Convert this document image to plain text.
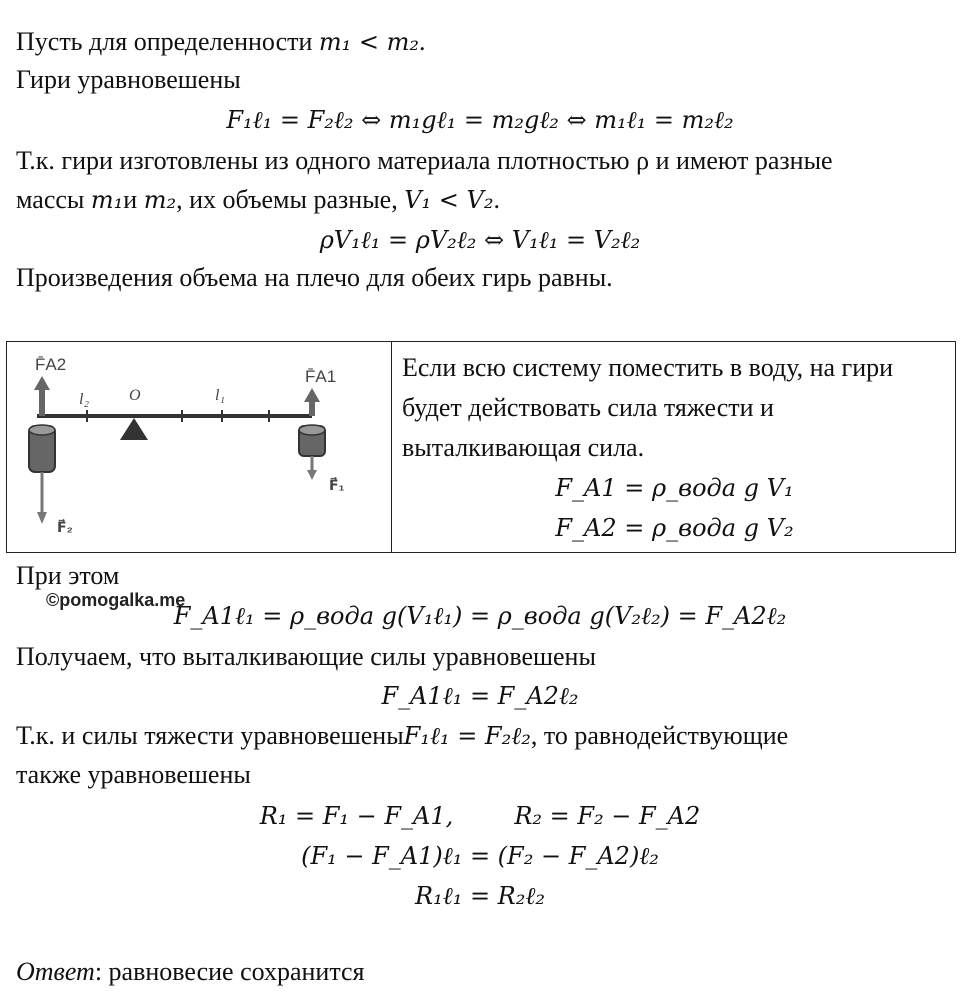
Пусть для определенности m₁ < m₂.
Гири уравновешены
F₁ℓ₁ = F₂ℓ₂ ⇔ m₁gℓ₁ = m₂gℓ₂ ⇔ m₁ℓ₁ = m₂ℓ₂
Т.к. гири изготовлены из одного материала плотностью ρ и имеют разные
массы m₁и m₂, их объемы разные, V₁ < V₂.
ρV₁ℓ₁ = ρV₂ℓ₂ ⇔ V₁ℓ₁ = V₂ℓ₂
Произведения объема на плечо для обеих гирь равны.
F̄A2
F̄A1
l₂ O	l₁
F⃗₁
F⃗₂

Если всю систему поместить в воду, на гири
будет действовать сила тяжести и
выталкивающая сила.
F_A1 = ρ_вода g V₁
F_A2 = ρ_вода g V₂
При этом
©pomogalka.me
F_A1ℓ₁ = ρ_вода g(V₁ℓ₁) = ρ_вода g(V₂ℓ₂) = F_A2ℓ₂
Получаем, что выталкивающие силы уравновешены
F_A1ℓ₁ = F_A2ℓ₂
Т.к. и силы тяжести уравновешеныF₁ℓ₁ = F₂ℓ₂, то равнодействующие
также уравновешены
R₁ = F₁ − F_A1,        R₂ = F₂ − F_A2
(F₁ − F_A1)ℓ₁ = (F₂ − F_A2)ℓ₂
R₁ℓ₁ = R₂ℓ₂
Ответ: равновесие сохранится
